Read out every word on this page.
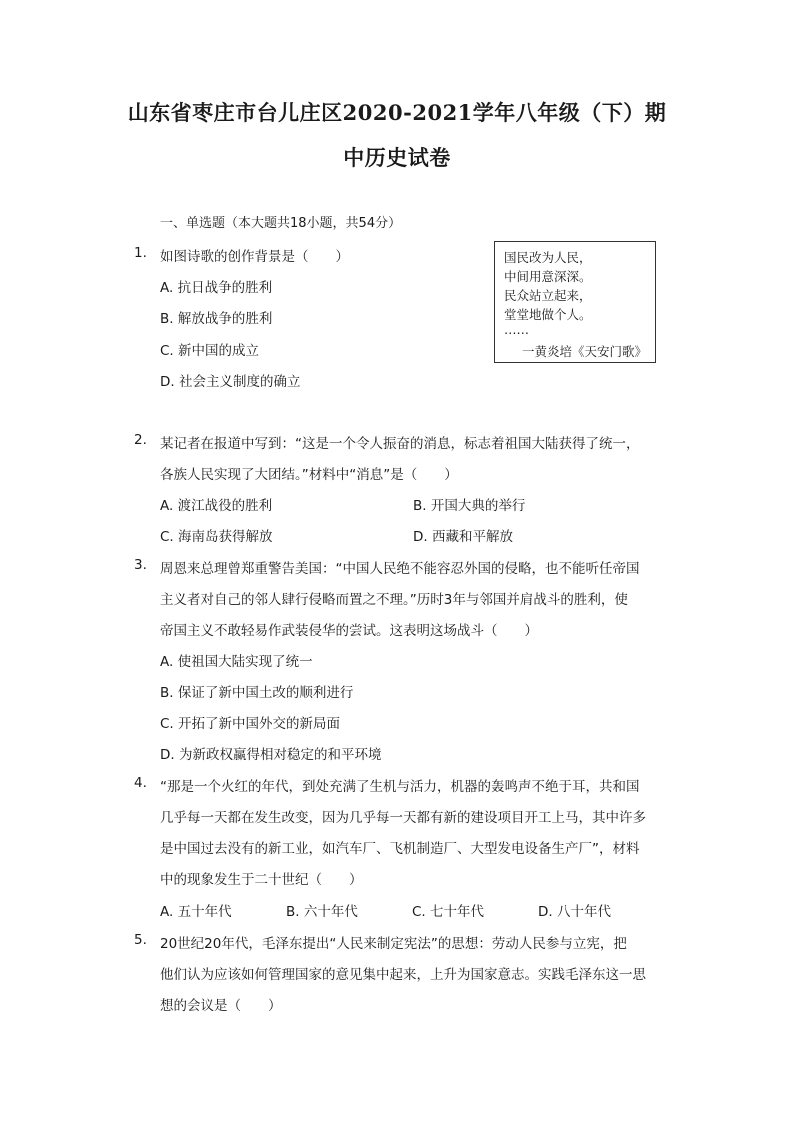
山东省枣庄市台儿庄区2020-2021学年八年级（下）期
中历史试卷
一、单选题（本大题共18小题，共54分）
国民改为人民，
中间用意深深。
民众站立起来，
堂堂地做个人。
……
一黄炎培《天安门歌》
1. 如图诗歌的创作背景是（　　）
A. 抗日战争的胜利
B. 解放战争的胜利
C. 新中国的成立
D. 社会主义制度的确立
2. 某记者在报道中写到：“这是一个令人振奋的消息，标志着祖国大陆获得了统一，
各族人民实现了大团结。”材料中“消息”是（　　）
A. 渡江战役的胜利	B. 开国大典的举行
C. 海南岛获得解放	D. 西藏和平解放
3. 周恩来总理曾郑重警告美国：“中国人民绝不能容忍外国的侵略，也不能听任帝国
主义者对自己的邻人肆行侵略而置之不理。”历时3年与邻国并肩战斗的胜利，使
帝国主义不敢轻易作武装侵华的尝试。这表明这场战斗（　　）
A. 使祖国大陆实现了统一
B. 保证了新中国土改的顺利进行
C. 开拓了新中国外交的新局面
D. 为新政权赢得相对稳定的和平环境
4. “那是一个火红的年代，到处充满了生机与活力，机器的轰鸣声不绝于耳，共和国
几乎每一天都在发生改变，因为几乎每一天都有新的建设项目开工上马，其中许多
是中国过去没有的新工业，如汽车厂、飞机制造厂、大型发电设备生产厂”，材料
中的现象发生于二十世纪（　　）
A. 五十年代	B. 六十年代	C. 七十年代	D. 八十年代
5. 20世纪20年代，毛泽东提出“人民来制定宪法”的思想：劳动人民参与立宪，把
他们认为应该如何管理国家的意见集中起来，上升为国家意志。实践毛泽东这一思
想的会议是（　　）
